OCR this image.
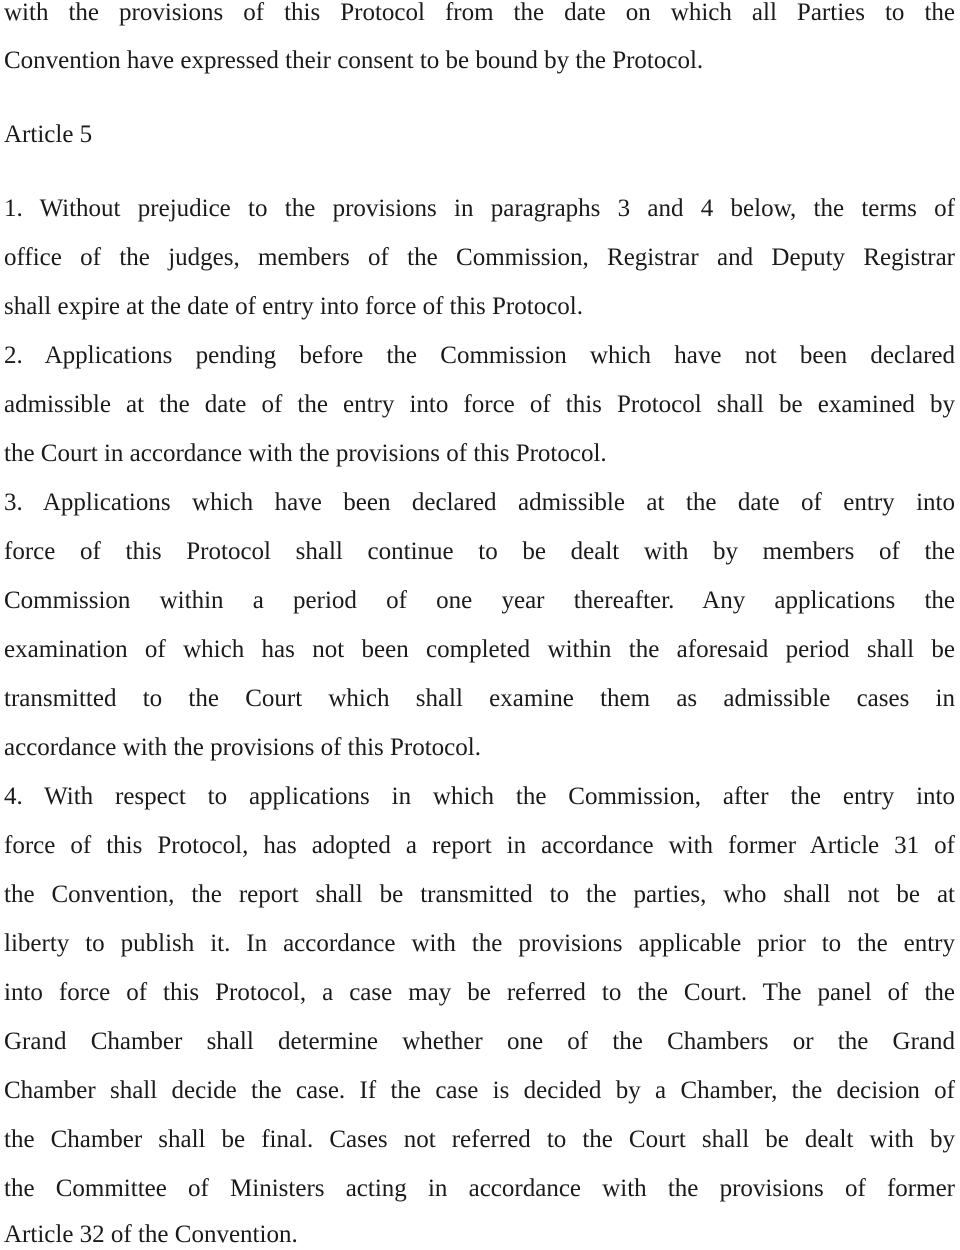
with the provisions of this Protocol from the date on which all Parties to the
Convention have expressed their consent to be bound by the Protocol.
Article 5
1. Without prejudice to the provisions in paragraphs 3 and 4 below, the terms of
office of the judges, members of the Commission, Registrar and Deputy Registrar
shall expire at the date of entry into force of this Protocol.
2. Applications pending before the Commission which have not been declared
admissible at the date of the entry into force of this Protocol shall be examined by
the Court in accordance with the provisions of this Protocol.
3. Applications which have been declared admissible at the date of entry into
force of this Protocol shall continue to be dealt with by members of the
Commission within a period of one year thereafter. Any applications the
examination of which has not been completed within the aforesaid period shall be
transmitted to the Court which shall examine them as admissible cases in
accordance with the provisions of this Protocol.
4. With respect to applications in which the Commission, after the entry into
force of this Protocol, has adopted a report in accordance with former Article 31 of
the Convention, the report shall be transmitted to the parties, who shall not be at
liberty to publish it. In accordance with the provisions applicable prior to the entry
into force of this Protocol, a case may be referred to the Court. The panel of the
Grand Chamber shall determine whether one of the Chambers or the Grand
Chamber shall decide the case. If the case is decided by a Chamber, the decision of
the Chamber shall be final. Cases not referred to the Court shall be dealt with by
the Committee of Ministers acting in accordance with the provisions of former
Article 32 of the Convention.
